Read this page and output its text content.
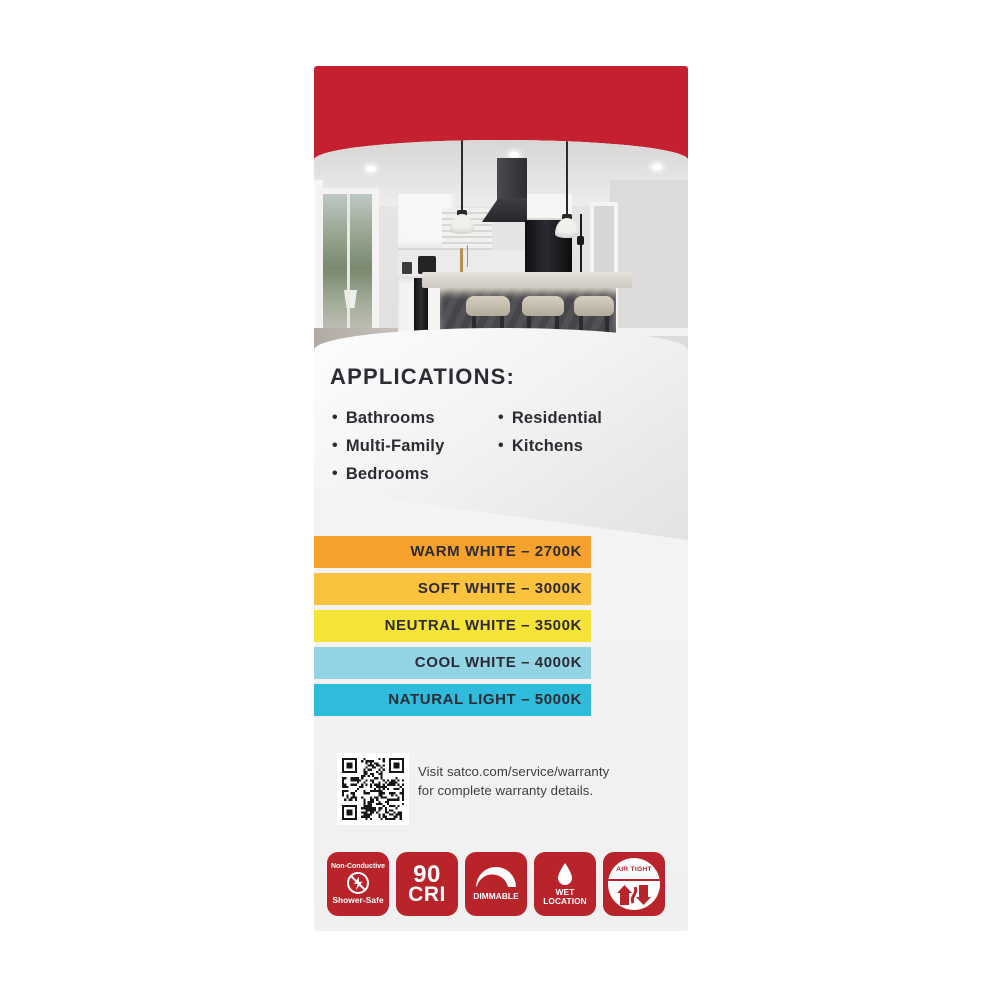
APPLICATIONS:
• Bathrooms
• Multi-Family
• Bedrooms
• Residential
• Kitchens
WARM WHITE – 2700K
SOFT WHITE – 3000K
NEUTRAL WHITE – 3500K
COOL WHITE – 4000K
NATURAL LIGHT – 5000K
Visit satco.com/service/warranty
for complete warranty details.
Non-Conductive
Shower-Safe
90
CRI	DIMMABLE	WET
LOCATION
AIR TIGHT
